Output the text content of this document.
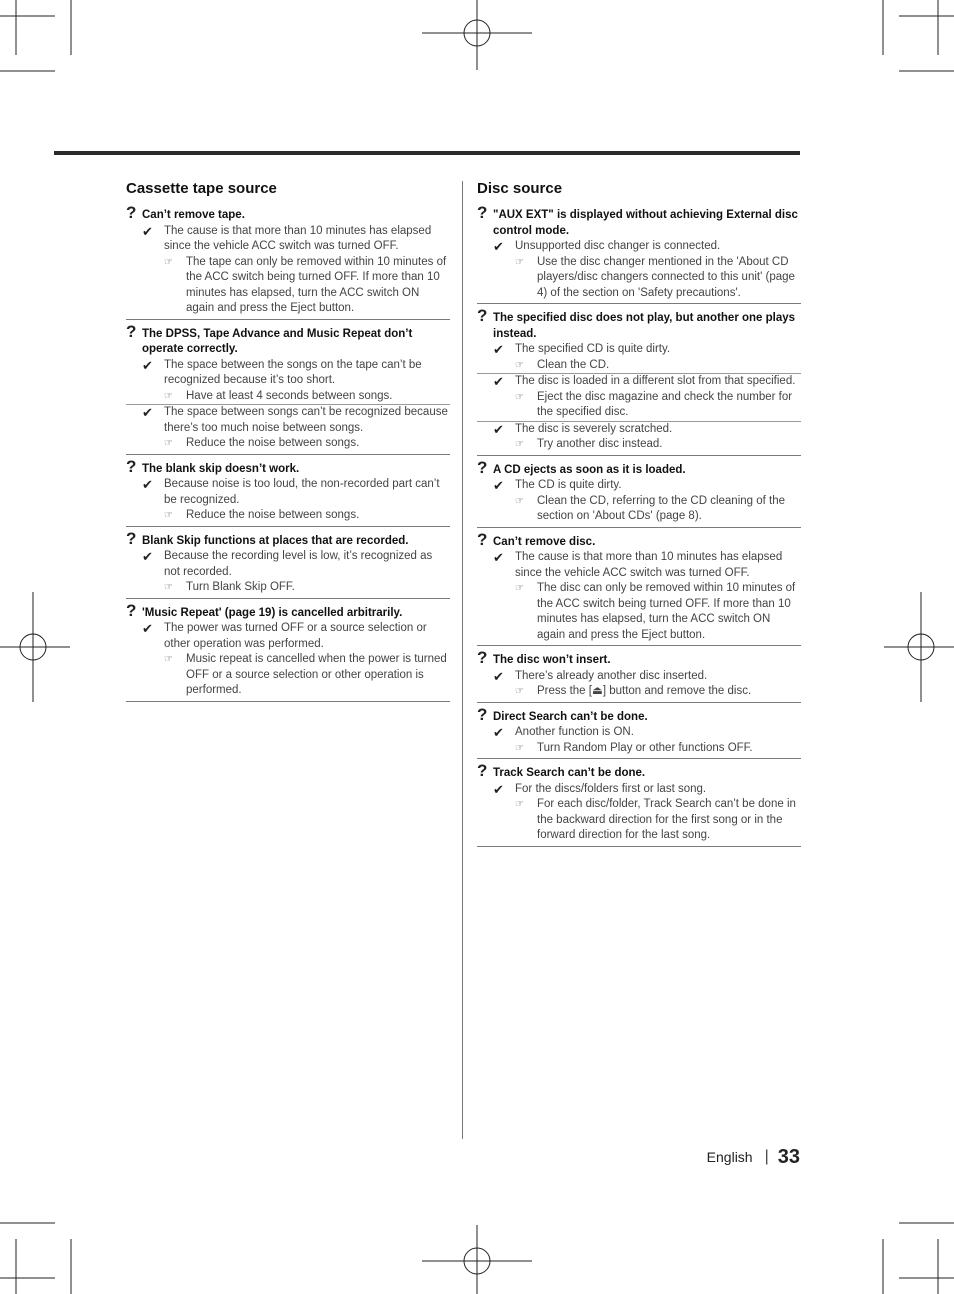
Cassette tape source
? Can’t remove tape.
✔ The cause is that more than 10 minutes has elapsed since the vehicle ACC switch was turned OFF.
☞ The tape can only be removed within 10 minutes of the ACC switch being turned OFF. If more than 10 minutes has elapsed, turn the ACC switch ON again and press the Eject button.
? The DPSS, Tape Advance and Music Repeat don’t operate correctly.
✔ The space between the songs on the tape can’t be recognized because it’s too short.
☞ Have at least 4 seconds between songs.
✔ The space between songs can’t be recognized because there’s too much noise between songs.
☞ Reduce the noise between songs.
? The blank skip doesn’t work.
✔ Because noise is too loud, the non-recorded part can’t be recognized.
☞ Reduce the noise between songs.
? Blank Skip functions at places that are recorded.
✔ Because the recording level is low, it’s recognized as not recorded.
☞ Turn Blank Skip OFF.
? 'Music Repeat' (page 19) is cancelled arbitrarily.
✔ The power was turned OFF or a source selection or other operation was performed.
☞ Music repeat is cancelled when the power is turned OFF or a source selection or other operation is performed.
Disc source
? "AUX EXT" is displayed without achieving External disc control mode.
✔ Unsupported disc changer is connected.
☞ Use the disc changer mentioned in the 'About CD players/disc changers connected to this unit' (page 4) of the section on 'Safety precautions'.
? The specified disc does not play, but another one plays instead.
✔ The specified CD is quite dirty.
☞ Clean the CD.
✔ The disc is loaded in a different slot from that specified.
☞ Eject the disc magazine and check the number for the specified disc.
✔ The disc is severely scratched.
☞ Try another disc instead.
? A CD ejects as soon as it is loaded.
✔ The CD is quite dirty.
☞ Clean the CD, referring to the CD cleaning of the section on 'About CDs' (page 8).
? Can’t remove disc.
✔ The cause is that more than 10 minutes has elapsed since the vehicle ACC switch was turned OFF.
☞ The disc can only be removed within 10 minutes of the ACC switch being turned OFF. If more than 10 minutes has elapsed, turn the ACC switch ON again and press the Eject button.
? The disc won’t insert.
✔ There’s already another disc inserted.
☞ Press the [⏏] button and remove the disc.
? Direct Search can’t be done.
✔ Another function is ON.
☞ Turn Random Play or other functions OFF.
? Track Search can’t be done.
✔ For the discs/folders first or last song.
☞ For each disc/folder, Track Search can’t be done in the backward direction for the first song or in the forward direction for the last song.
English | 33
